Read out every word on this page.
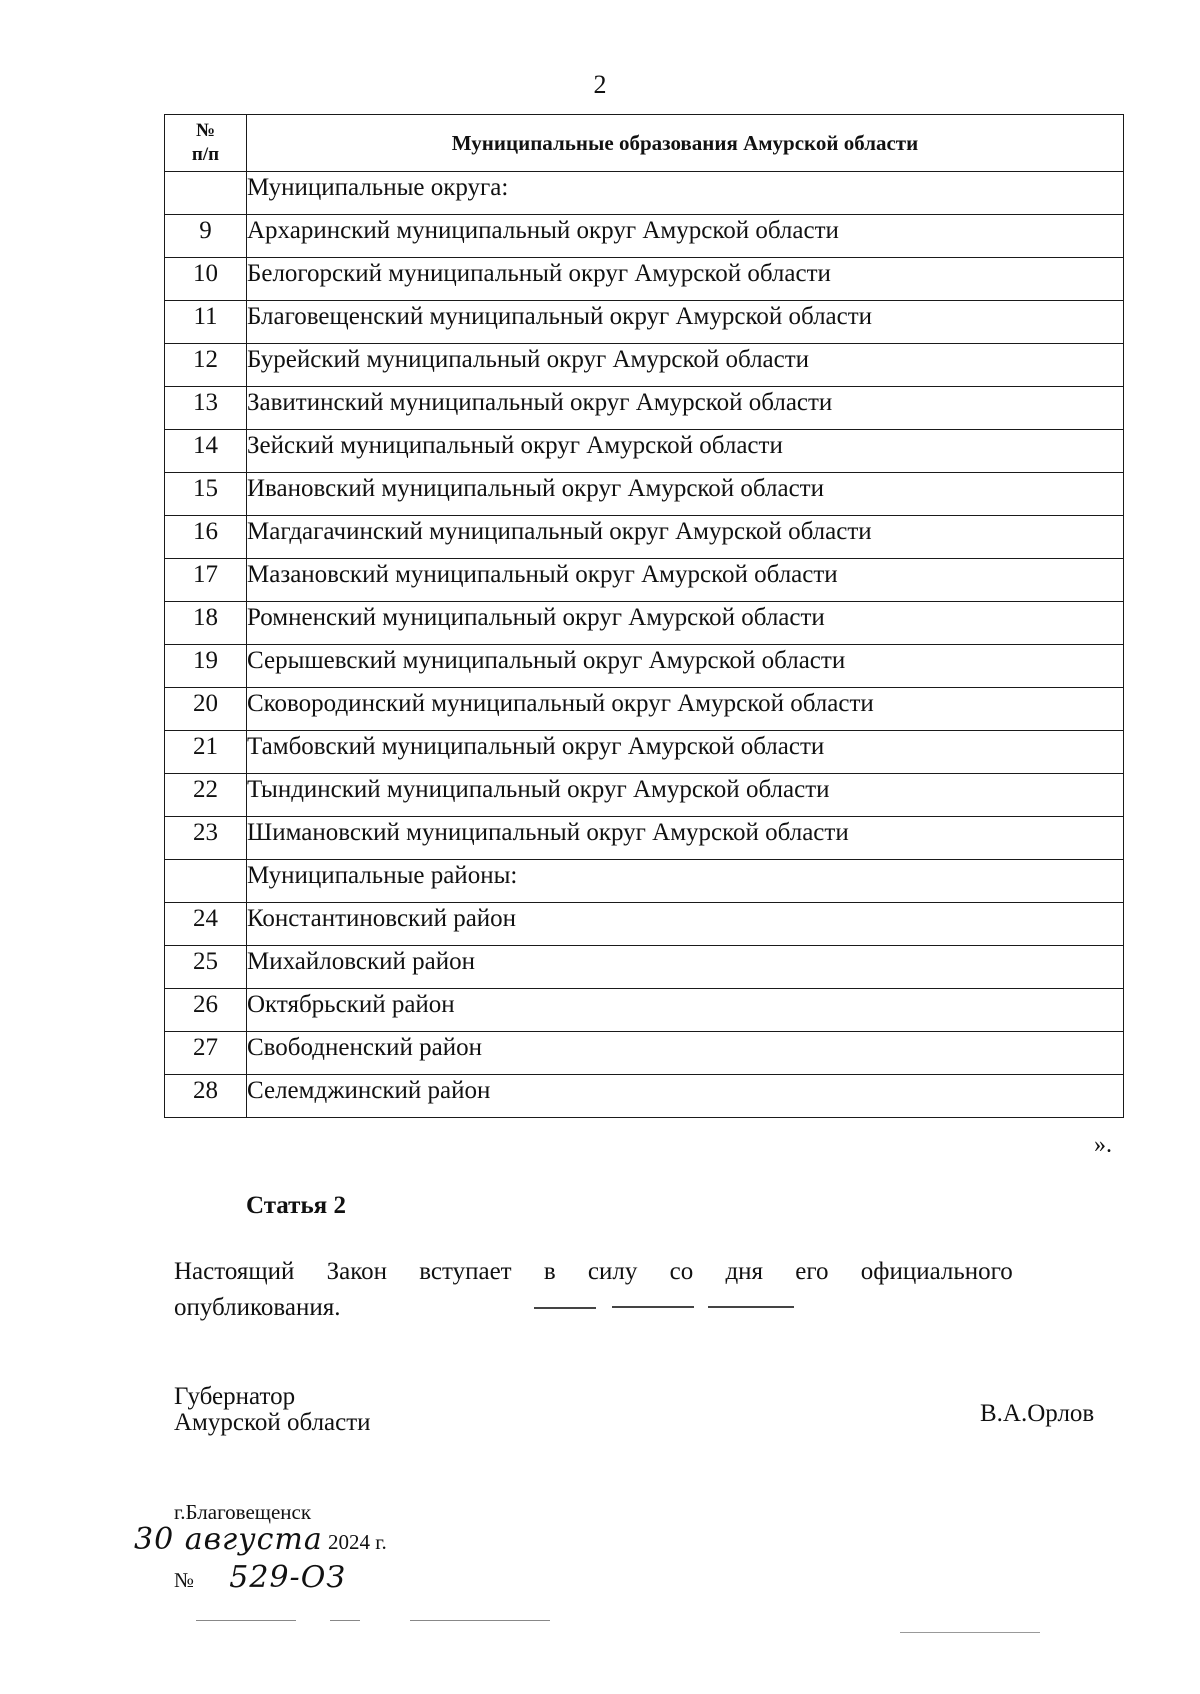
2
№
п/п	Муниципальные образования Амурской области
	Муниципальные округа:
9	Архаринский муниципальный округ Амурской области
10	Белогорский муниципальный округ Амурской области
11	Благовещенский муниципальный округ Амурской области
12	Бурейский муниципальный округ Амурской области
13	Завитинский муниципальный округ Амурской области
14	Зейский муниципальный округ Амурской области
15	Ивановский муниципальный округ Амурской области
16	Магдагачинский муниципальный округ Амурской области
17	Мазановский муниципальный округ Амурской области
18	Ромненский муниципальный округ Амурской области
19	Серышевский муниципальный округ Амурской области
20	Сковородинский муниципальный округ Амурской области
21	Тамбовский муниципальный округ Амурской области
22	Тындинский муниципальный округ Амурской области
23	Шимановский муниципальный округ Амурской области
	Муниципальные районы:
24	Константиновский район
25	Михайловский район
26	Октябрьский район
27	Свободненский район
28	Селемджинский район
».
Статья 2
Настоящий Закон вступает в силу со дня его официального
опубликования.
Губернатор
Амурской области	В.А.Орлов
г.Благовещенск
30 августа 2024 г.
№ 529-ОЗ
